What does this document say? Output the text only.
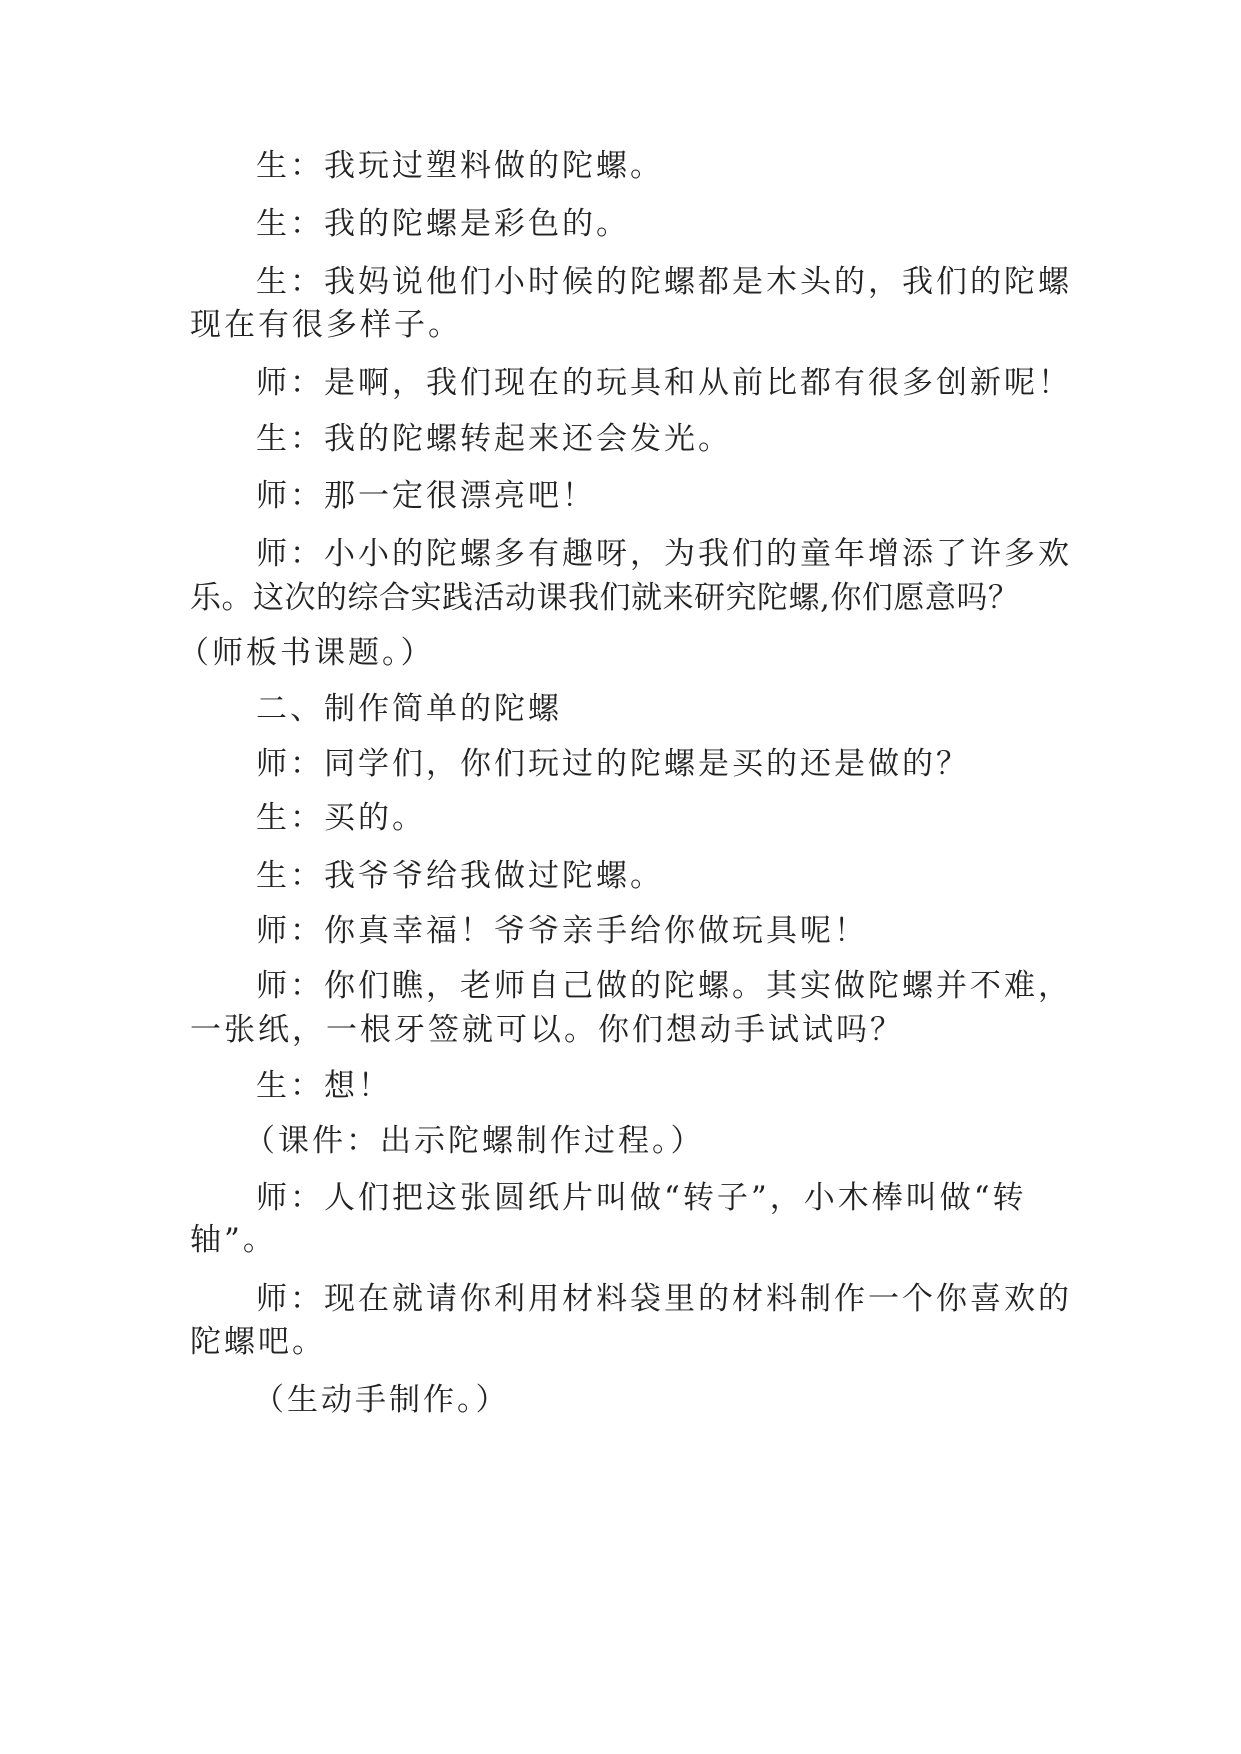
生：我玩过塑料做的陀螺。
生：我的陀螺是彩色的。
生：我妈说他们小时候的陀螺都是木头的，我们的陀螺
现在有很多样子。
师：是啊，我们现在的玩具和从前比都有很多创新呢！
生：我的陀螺转起来还会发光。
师：那一定很漂亮吧！
师：小小的陀螺多有趣呀，为我们的童年增添了许多欢
乐。这次的综合实践活动课我们就来研究陀螺,你们愿意吗？
（师板书课题。）
二、制作简单的陀螺
师：同学们，你们玩过的陀螺是买的还是做的？
生：买的。
生：我爷爷给我做过陀螺。
师：你真幸福！爷爷亲手给你做玩具呢！
师：你们瞧，老师自己做的陀螺。其实做陀螺并不难，
一张纸，一根牙签就可以。你们想动手试试吗？
生：想！
（课件：出示陀螺制作过程。）
师：人们把这张圆纸片叫做“转子”，小木棒叫做“转
轴”。
师：现在就请你利用材料袋里的材料制作一个你喜欢的
陀螺吧。
（生动手制作。）
